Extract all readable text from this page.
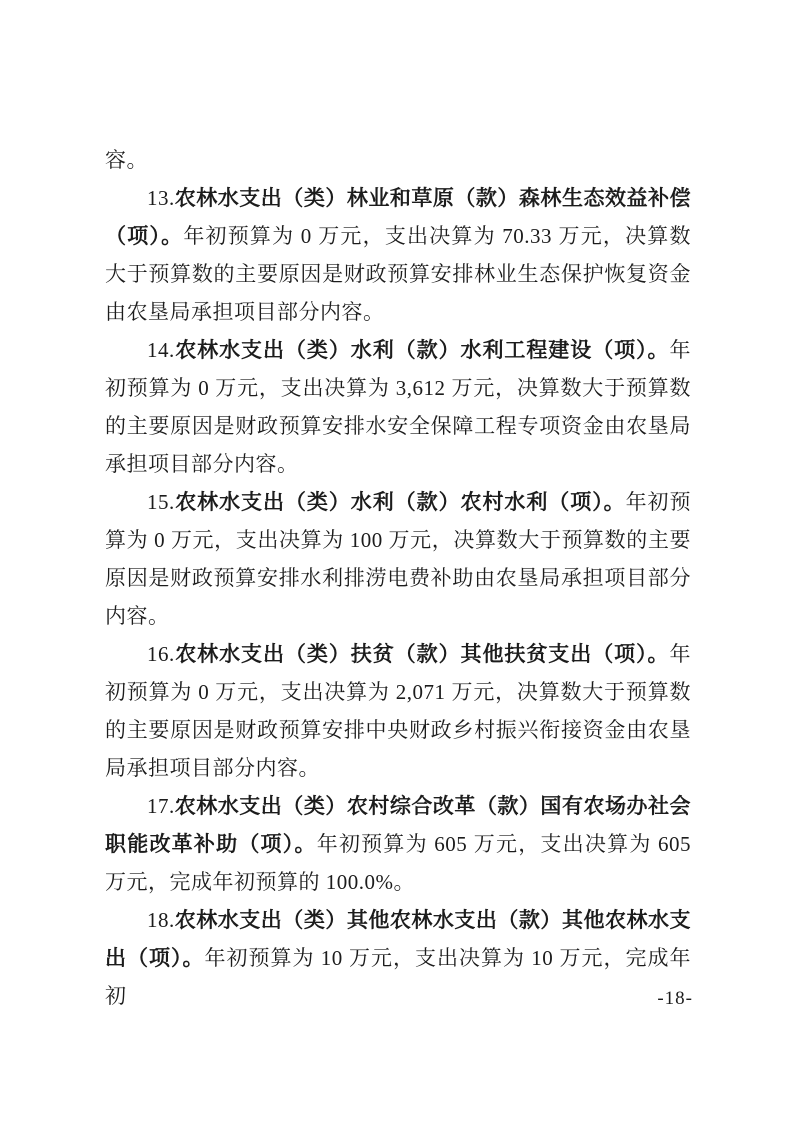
容。

13.农林水支出（类）林业和草原（款）森林生态效益补偿（项）。年初预算为 0 万元，支出决算为 70.33 万元，决算数大于预算数的主要原因是财政预算安排林业生态保护恢复资金由农垦局承担项目部分内容。

14.农林水支出（类）水利（款）水利工程建设（项）。年初预算为 0 万元，支出决算为 3,612 万元，决算数大于预算数的主要原因是财政预算安排水安全保障工程专项资金由农垦局承担项目部分内容。

15.农林水支出（类）水利（款）农村水利（项）。年初预算为 0 万元，支出决算为 100 万元，决算数大于预算数的主要原因是财政预算安排水利排涝电费补助由农垦局承担项目部分内容。

16.农林水支出（类）扶贫（款）其他扶贫支出（项）。年初预算为 0 万元，支出决算为 2,071 万元，决算数大于预算数的主要原因是财政预算安排中央财政乡村振兴衔接资金由农垦局承担项目部分内容。

17.农林水支出（类）农村综合改革（款）国有农场办社会职能改革补助（项）。年初预算为 605 万元，支出决算为 605 万元，完成年初预算的 100.0%。

18.农林水支出（类）其他农林水支出（款）其他农林水支出（项）。年初预算为 10 万元，支出决算为 10 万元，完成年初	-18-
